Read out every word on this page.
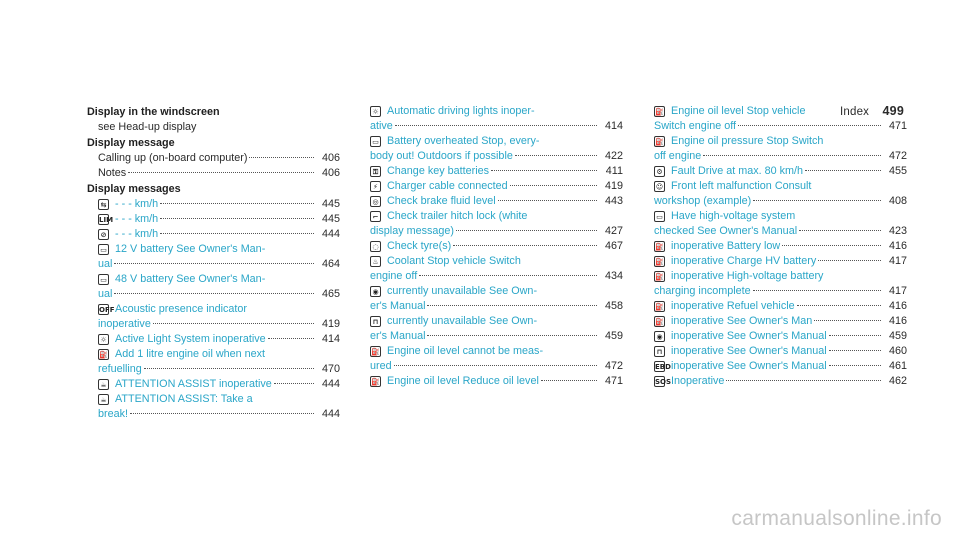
Index 499
Display in the windscreen
see Head-up display
Display message
Calling up (on-board computer)	406
Notes	406
Display messages
⇆ - - - km/h	445
LIM - - - km/h	445
⊘ - - - km/h	444
▭ 12 V battery See Owner's Man-
ual	464
▭ 48 V battery See Owner's Man-
ual	465
OFF Acoustic presence indicator
inoperative	419
☼ Active Light System inoperative	414
⛽ Add 1 litre engine oil when next
refuelling	470
☕ ATTENTION ASSIST inoperative	444
☕ ATTENTION ASSIST: Take a
break!	444
☼ Automatic driving lights inoper-
ative	414
▭ Battery overheated Stop, every-
body out! Outdoors if possible	422
⚿ Change key batteries	411
⚡ Charger cable connected	419
◎ Check brake fluid level	443
⌐ Check trailer hitch lock (white
display message)	427
◌ Check tyre(s)	467
♨ Coolant Stop vehicle Switch
engine off	434
◉ currently unavailable See Own-
er's Manual	458
⊓ currently unavailable See Own-
er's Manual	459
⛽ Engine oil level cannot be meas-
ured	472
⛽ Engine oil level Reduce oil level	471
⛽ Engine oil level Stop vehicle
Switch engine off	471
⛽ Engine oil pressure Stop Switch
off engine	472
⚙ Fault Drive at max. 80 km/h	455
☺ Front left malfunction Consult
workshop (example)	408
▭ Have high-voltage system
checked See Owner's Manual	423
⛽ inoperative Battery low	416
⛽ inoperative Charge HV battery	417
⛽ inoperative High-voltage battery
charging incomplete	417
⛽ inoperative Refuel vehicle	416
⛽ inoperative See Owner's Man	416
◉ inoperative See Owner's Manual	459
⊓ inoperative See Owner's Manual	460
EBD inoperative See Owner's Manual	461
SOS Inoperative	462
carmanualsonline.info
